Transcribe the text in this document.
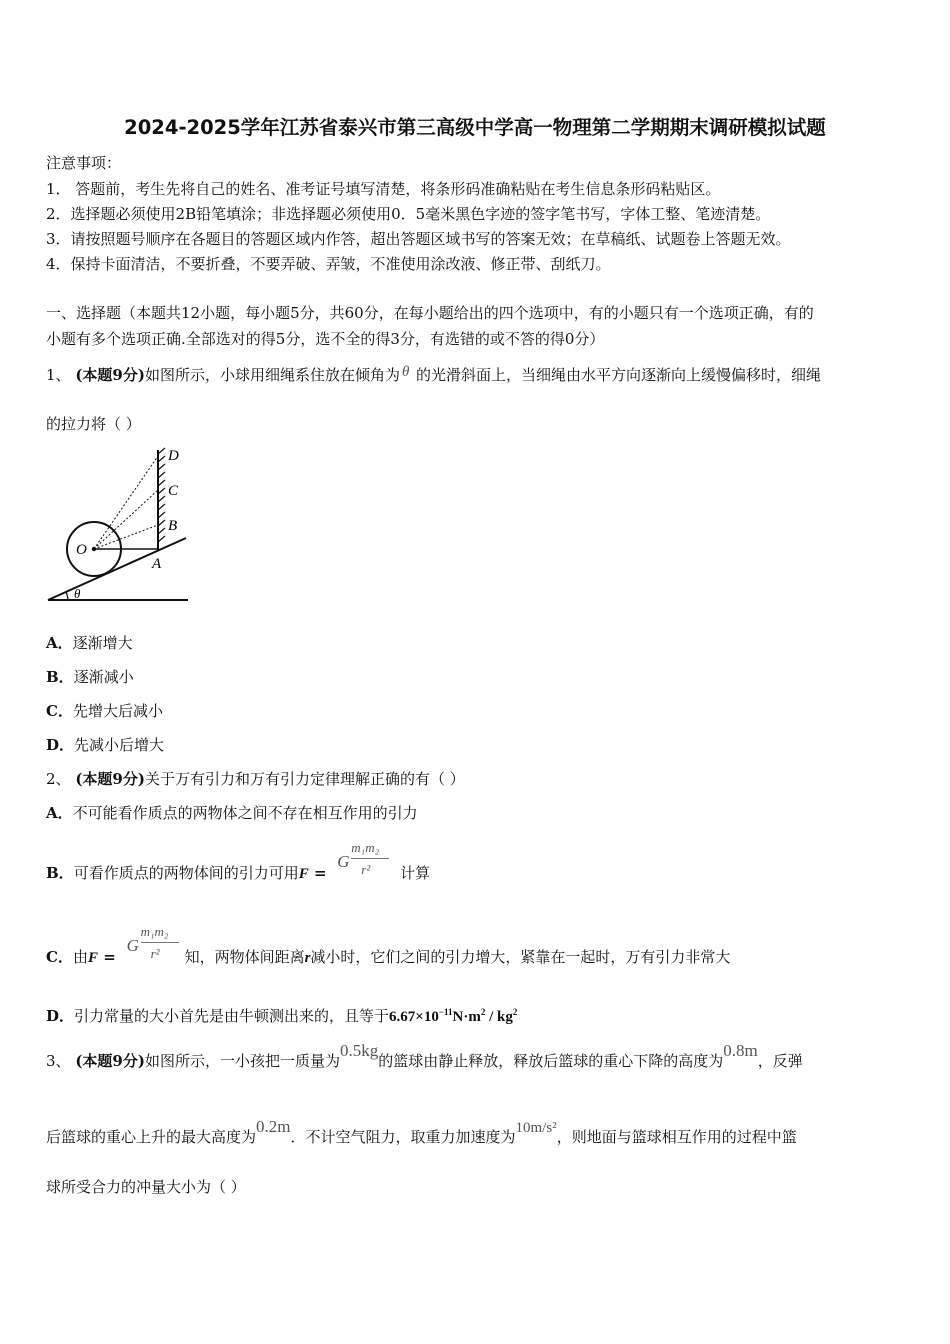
2024-2025学年江苏省泰兴市第三高级中学高一物理第二学期期末调研模拟试题
注意事项：
1． 答题前，考生先将自己的姓名、准考证号填写清楚，将条形码准确粘贴在考生信息条形码粘贴区。
2．选择题必须使用2B铅笔填涂；非选择题必须使用0．5毫米黑色字迹的签字笔书写，字体工整、笔迹清楚。
3．请按照题号顺序在各题目的答题区域内作答，超出答题区域书写的答案无效；在草稿纸、试题卷上答题无效。
4．保持卡面清洁，不要折叠，不要弄破、弄皱，不准使用涂改液、修正带、刮纸刀。
一、选择题（本题共12小题，每小题5分，共60分，在每小题给出的四个选项中，有的小题只有一个选项正确，有的
小题有多个选项正确.全部选对的得5分，选不全的得3分，有选错的或不答的得0分）
1、 (本题9分)如图所示，小球用细绳系住放在倾角为 θ 的光滑斜面上，当细绳由水平方向逐渐向上缓慢偏移时，细绳
的拉力将（ ）
D
C
B
A
O
θ
A．逐渐增大
B．逐渐减小
C．先增大后减小
D．先减小后增大
2、 (本题9分)关于万有引力和万有引力定律理解正确的有（ ）
A．不可能看作质点的两物体之间不存在相互作用的引力
B．可看作质点的两物体间的引力可用F =
G
m₁m₂
r² 计算
C．由F =
G
m₁m₂
r² 知，两物体间距离r减小时，它们之间的引力增大，紧靠在一起时，万有引力非常大
D．引力常量的大小首先是由牛顿测出来的，且等于$6.67\times 10^{-11}N\cdot m^2 / kg^2$
3、 (本题9分)如图所示，一小孩把一质量为0.5kg的篮球由静止释放，释放后篮球的重心下降的高度为0.8m，反弹
后篮球的重心上升的最大高度为0.2m．不计空气阻力，取重力加速度为10m/s²，则地面与篮球相互作用的过程中篮
球所受合力的冲量大小为（ ）
